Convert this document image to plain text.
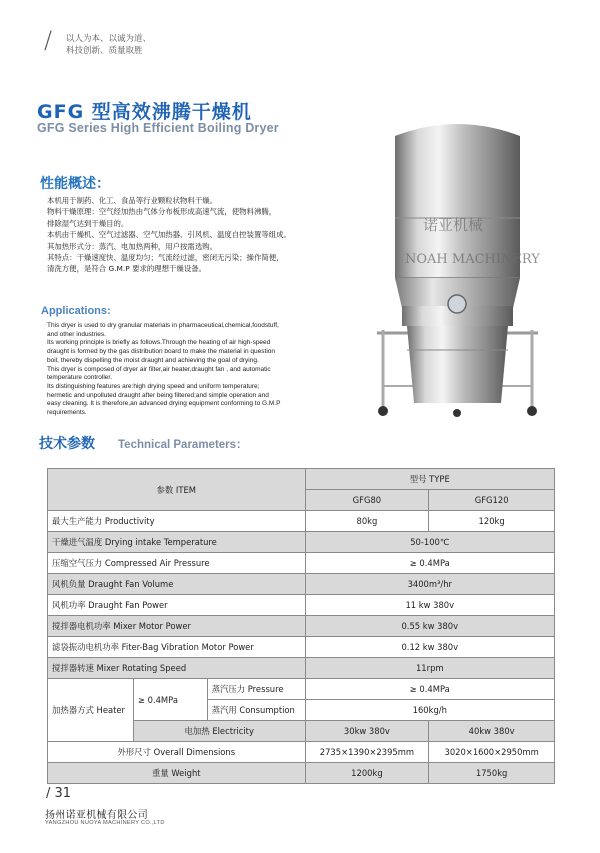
/ 以人为本、以诚为道、
科技创新、质量取胜
GFG 型高效沸腾干燥机
GFG Series High Efficient Boiling Dryer
性能概述：
本机用于制药、化工、食品等行业颗粒状物料干燥。
物料干燥原理：空气经加热由气体分布板形成高速气流，使物料沸腾，
排除湿气达到干燥目的。
本机由干燥机、空气过滤器、空气加热器、引风机、温度自控装置等组成。
其加热形式分：蒸汽、电加热两种，用户按需选购。
其特点：干燥速度快、温度均匀；气流经过滤，密闭无污染；操作简便，
清洗方便，是符合 G.M.P 要求的理想干燥设备。
Applications:
This dryer is used to dry granular materials in pharmaceutical,chemical,foodstuff,
and other industries.
Its working principle is briefly as follows.Through the heating of air high-speed
draught is formed by the gas distribution board to make the material in question
boil, thereby dispelling the moist draught and achieving the goal of drying.
This dryer is composed of dryer air filter,air heater,draught fan , and automatic
temperature controller.
Its distinguishing features are:high drying speed and uniform temperature;
hermetic and unpolluted draught after being filtered;and simple operation and
easy cleaning. It is therefore,an advanced drying equipment conforming to G.M.P
requirements.
诺亚机械
NOAH MACHINERY
技术参数 Technical Parameters：
参数 ITEM			型号 TYPE	
			GFG80	GFG120
最大生产能力 Productivity			80kg	120kg
干燥进气温度 Drying intake Temperature			50-100℃	
压缩空气压力 Compressed Air Pressure			≥ 0.4MPa	
风机负量 Draught Fan Volume			3400m³/hr	
风机功率 Draught Fan Power			11 kw 380v	
搅拌器电机功率 Mixer Motor Power			0.55 kw 380v	
滤袋振动电机功率 Fiter-Bag Vibration Motor Power			0.12 kw 380v	
搅拌器转速 Mixer Rotating Speed			11rpm	
加热器方式 Heater	≥ 0.4MPa	蒸汽压力 Pressure	≥ 0.4MPa	
		蒸汽用 Consumption	160kg/h	
	电加热 Electricity		30kw 380v	40kw 380v
外形尺寸 Overall Dimensions			2735×1390×2395mm	3020×1600×2950mm
重量 Weight			1200kg	1750kg
/ 31
扬州诺亚机械有限公司
YANGZHOU NUOYA MACHINERY CO.,LTD
